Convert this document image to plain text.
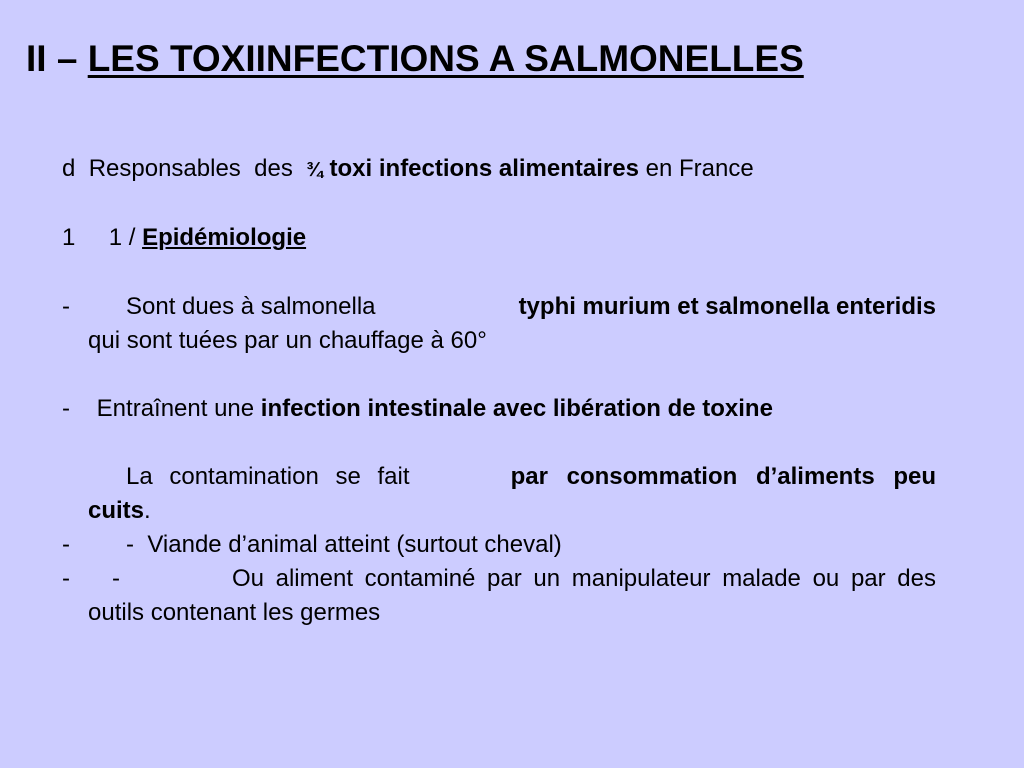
II – LES TOXIINFECTIONS A SALMONELLES
d Responsables  des  ¾ toxi infections alimentaires en France
1 1 / Epidémiologie
- Sont dues à salmonella	typhi murium et salmonella enteridis
qui sont tuées par un chauffage à 60°
- Entraînent une infection intestinale avec libération de toxine
La contamination se fait	par consommation d’aliments peu
cuits.
- - Viande d’animal atteint (surtout cheval)
- -
	Ou aliment contaminé par un manipulateur malade ou par des
outils contenant les germes
